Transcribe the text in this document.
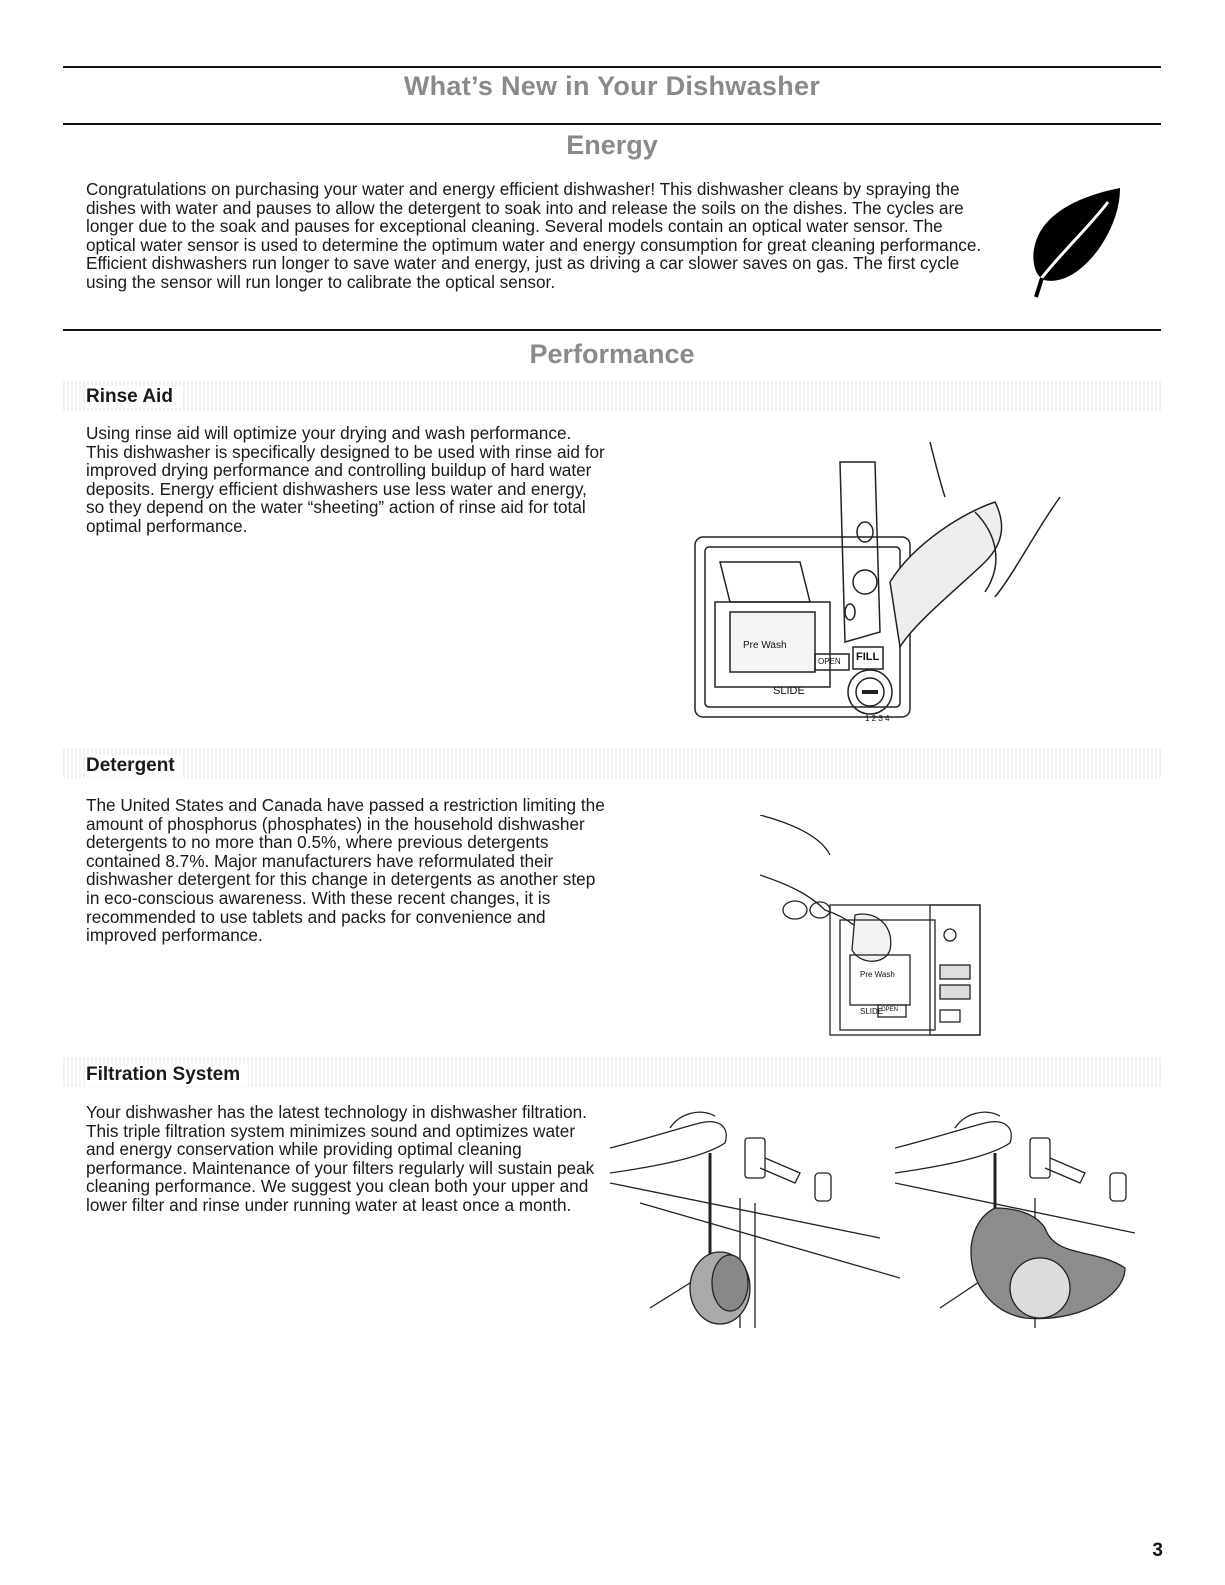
What’s New in Your Dishwasher
Energy

Congratulations on purchasing your water and energy efficient dishwasher! This dishwasher cleans by spraying the dishes with water and pauses to allow the detergent to soak into and release the soils on the dishes. The cycles are longer due to the soak and pauses for exceptional cleaning. Several models contain an optical water sensor. The optical water sensor is used to determine the optimum water and energy consumption for great cleaning performance. Efficient dishwashers run longer to save water and energy, just as driving a car slower saves on gas. The first cycle using the sensor will run longer to calibrate the optical sensor.

Performance
Rinse Aid

Using rinse aid will optimize your drying and wash performance. This dishwasher is specifically designed to be used with rinse aid for improved drying performance and controlling buildup of hard water deposits. Energy efficient dishwashers use less water and energy, so they depend on the water “sheeting” action of rinse aid for total optimal performance.

Pre Wash
SLIDE
OPEN FILL
1 2 3 4
Detergent

The United States and Canada have passed a restriction limiting the amount of phosphorus (phosphates) in the household dishwasher detergents to no more than 0.5%, where previous detergents contained 8.7%. Major manufacturers have reformulated their dishwasher detergent for this change in detergents as another step in eco-conscious awareness. With these recent changes, it is recommended to use tablets and packs for convenience and improved performance.

Pre Wash
SLIDE
OPEN
Filtration System

Your dishwasher has the latest technology in dishwasher filtration. This triple filtration system minimizes sound and optimizes water and energy conservation while providing optimal cleaning performance. Maintenance of your filters regularly will sustain peak cleaning performance. We suggest you clean both your upper and lower filter and rinse under running water at least once a month.

3
